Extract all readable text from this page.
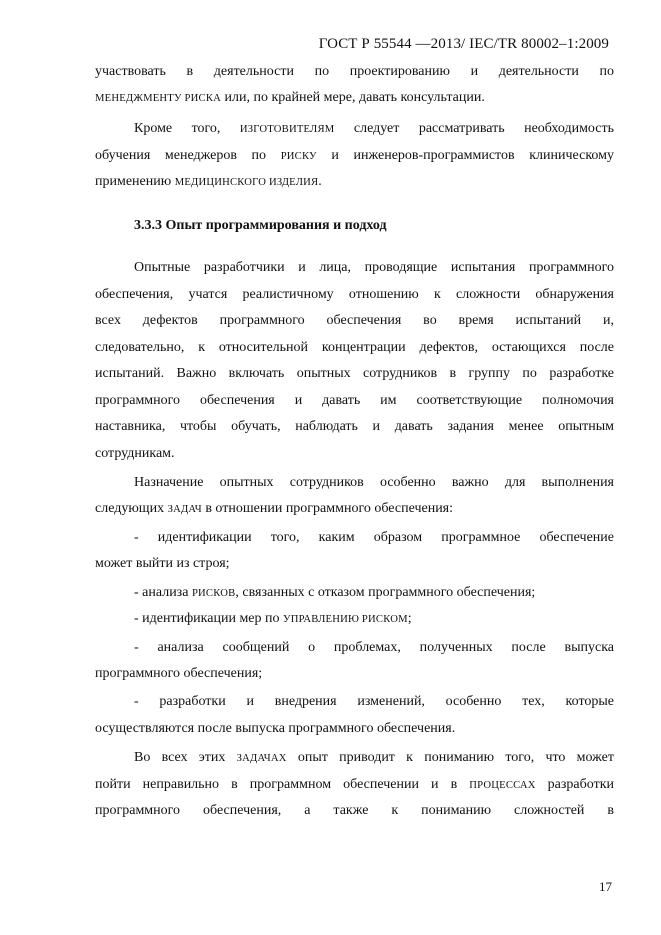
ГОСТ Р 55544 —2013/ IEC/TR 80002–1:2009
участвовать в деятельности по проектированию и деятельности по
МЕНЕДЖМЕНТУ РИСКА или, по крайней мере, давать консультации.
Кроме того, ИЗГОТОВИТЕЛЯМ следует рассматривать необходимость
обучения менеджеров по РИСКУ и инженеров-программистов клиническому
применению МЕДИЦИНСКОГО ИЗДЕЛИЯ.
3.3.3 Опыт программирования и подход
Опытные разработчики и лица, проводящие испытания программного
обеспечения, учатся реалистичному отношению к сложности обнаружения
всех дефектов программного обеспечения во время испытаний и,
следовательно, к относительной концентрации дефектов, остающихся после
испытаний. Важно включать опытных сотрудников в группу по разработке
программного обеспечения и давать им соответствующие полномочия
наставника, чтобы обучать, наблюдать и давать задания менее опытным
сотрудникам.
Назначение опытных сотрудников особенно важно для выполнения
следующих ЗАДАЧ в отношении программного обеспечения:
- идентификации того, каким образом программное обеспечение
может выйти из строя;
- анализа РИСКОВ, связанных с отказом программного обеспечения;
- идентификации мер по УПРАВЛЕНИЮ РИСКОМ;
- анализа сообщений о проблемах, полученных после выпуска
программного обеспечения;
- разработки и внедрения изменений, особенно тех, которые
осуществляются после выпуска программного обеспечения.
Во всех этих ЗАДАЧАХ опыт приводит к пониманию того, что может
пойти неправильно в программном обеспечении и в ПРОЦЕССАХ разработки
программного обеспечения, а также к пониманию сложностей в
17
